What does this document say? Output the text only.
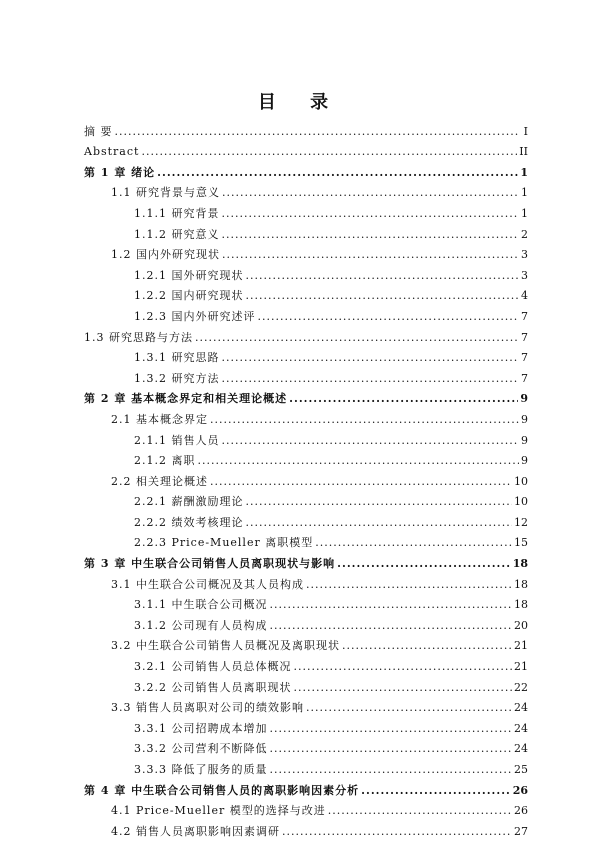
目 录
摘 要 .....	I
Abstract .....	II
第 1 章 绪论 .....	1
1.1 研究背景与意义 .....	1
1.1.1 研究背景 .....	1
1.1.2 研究意义 .....	2
1.2 国内外研究现状 .....	3
1.2.1 国外研究现状 .....	3
1.2.2 国内研究现状 .....	4
1.2.3 国内外研究述评 .....	7
1.3 研究思路与方法 .....	7
1.3.1 研究思路 .....	7
1.3.2 研究方法 .....	7
第 2 章 基本概念界定和相关理论概述 .....	9
2.1 基本概念界定 .....	9
2.1.1 销售人员 .....	9
2.1.2 离职 .....	9
2.2 相关理论概述 .....	10
2.2.1 薪酬激励理论 .....	10
2.2.2 绩效考核理论 .....	12
2.2.3 Price-Mueller 离职模型 .....	15
第 3 章 中生联合公司销售人员离职现状与影响 .....	18
3.1 中生联合公司概况及其人员构成 .....	18
3.1.1 中生联合公司概况 .....	18
3.1.2 公司现有人员构成 .....	20
3.2 中生联合公司销售人员概况及离职现状 .....	21
3.2.1 公司销售人员总体概况 .....	21
3.2.2 公司销售人员离职现状 .....	22
3.3 销售人员离职对公司的绩效影响 .....	24
3.3.1 公司招聘成本增加 .....	24
3.3.2 公司营利不断降低 .....	24
3.3.3 降低了服务的质量 .....	25
第 4 章 中生联合公司销售人员的离职影响因素分析 .....	26
4.1 Price-Mueller 模型的选择与改进 .....	26
4.2 销售人员离职影响因素调研 .....	27
